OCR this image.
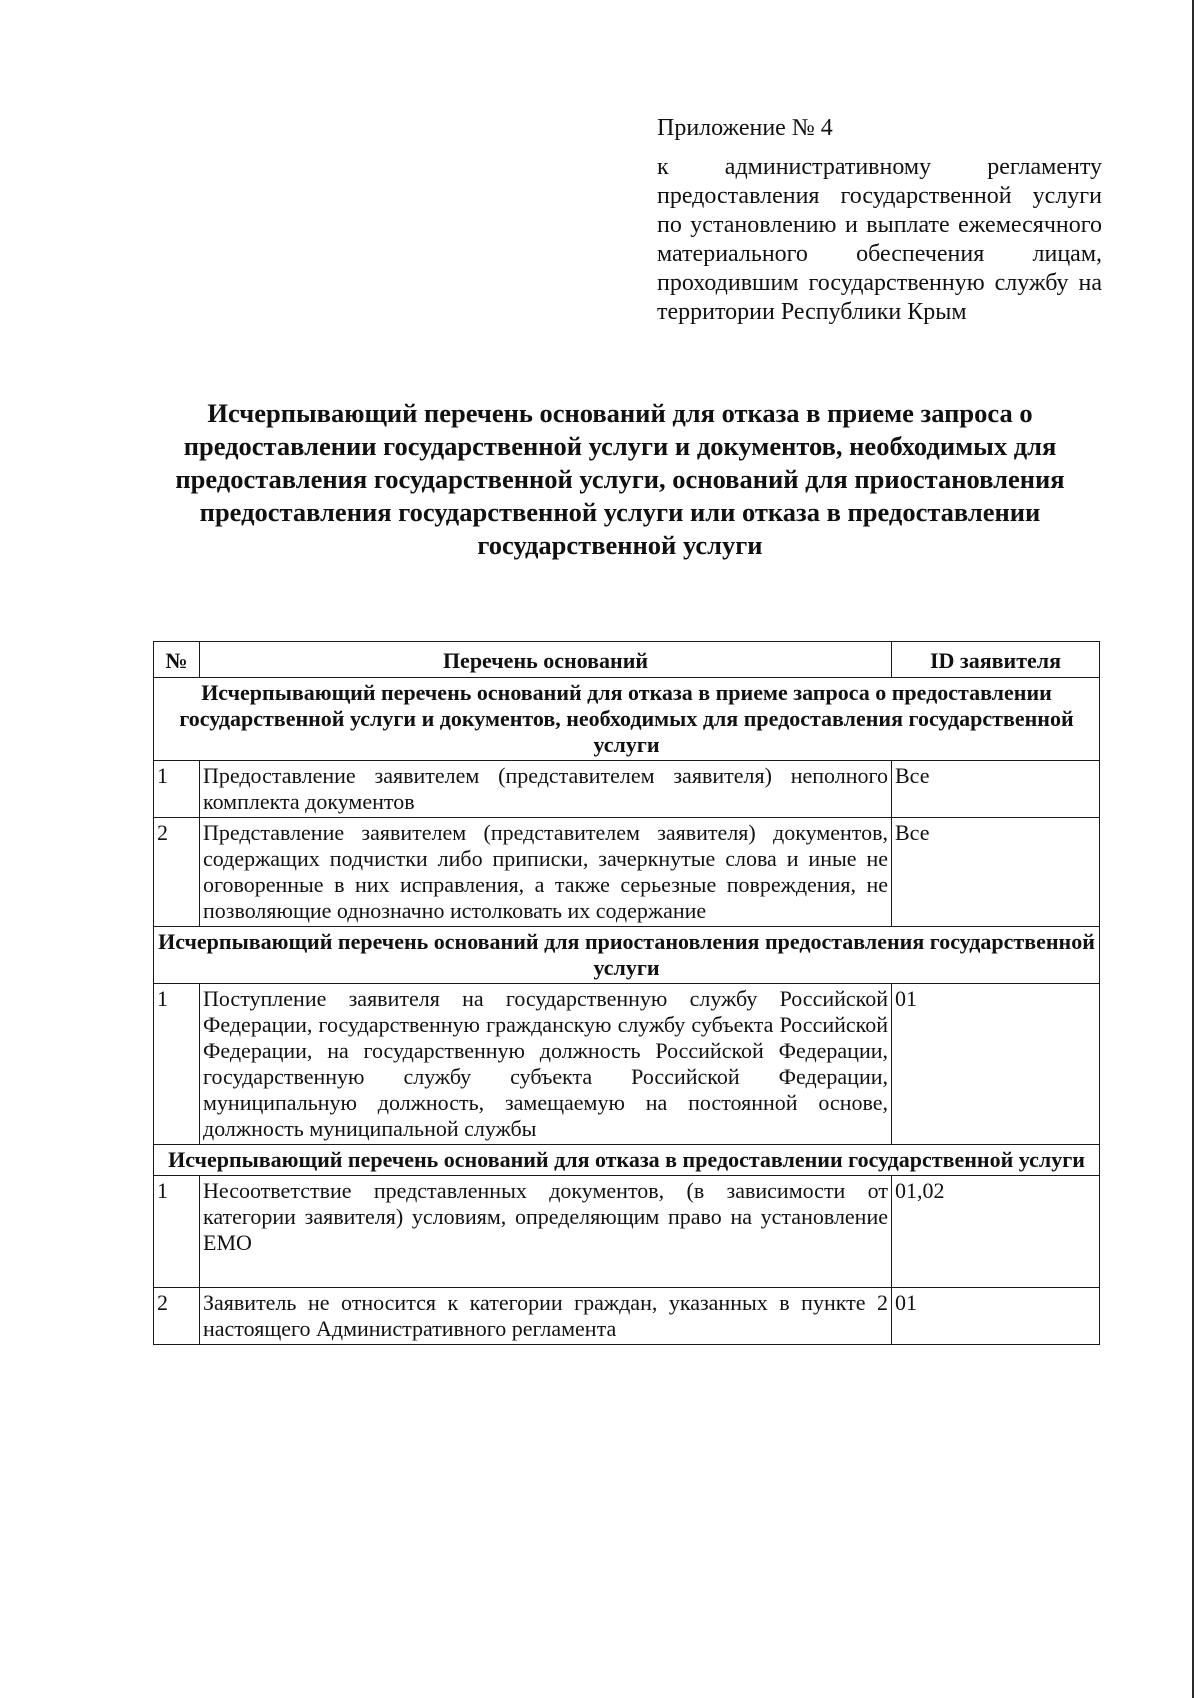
Приложение № 4

к административному регламенту предоставления государственной услуги по установлению и выплате ежемесячного материального обеспечения лицам, проходившим государственную службу на территории Республики Крым

Исчерпывающий перечень оснований для отказа в приеме запроса о предоставлении государственной услуги и документов, необходимых для предоставления государственной услуги, оснований для приостановления предоставления государственной услуги или отказа в предоставлении государственной услуги
№	Перечень оснований	ID заявителя
Исчерпывающий перечень оснований для отказа в приеме запроса о предоставлении государственной услуги и документов, необходимых для предоставления государственной услуги		
1	Предоставление заявителем (представителем заявителя) неполного комплекта документов	Все
2	Представление заявителем (представителем заявителя) документов, содержащих подчистки либо приписки, зачеркнутые слова и иные не оговоренные в них исправления, а также серьезные повреждения, не позволяющие однозначно истолковать их содержание	Все
Исчерпывающий перечень оснований для приостановления предоставления государственной услуги		
1	Поступление заявителя на государственную службу Российской Федерации, государственную гражданскую службу субъекта Российской Федерации, на государственную должность Российской Федерации, государственную службу субъекта Российской Федерации, муниципальную должность, замещаемую на постоянной основе, должность муниципальной службы	01
Исчерпывающий перечень оснований для отказа в предоставлении государственной услуги		
1	Несоответствие представленных документов, (в зависимости от категории заявителя) условиям, определяющим право на установление ЕМО	01,02
2	Заявитель не относится к категории граждан, указанных в пункте 2 настоящего Административного регламента	01
